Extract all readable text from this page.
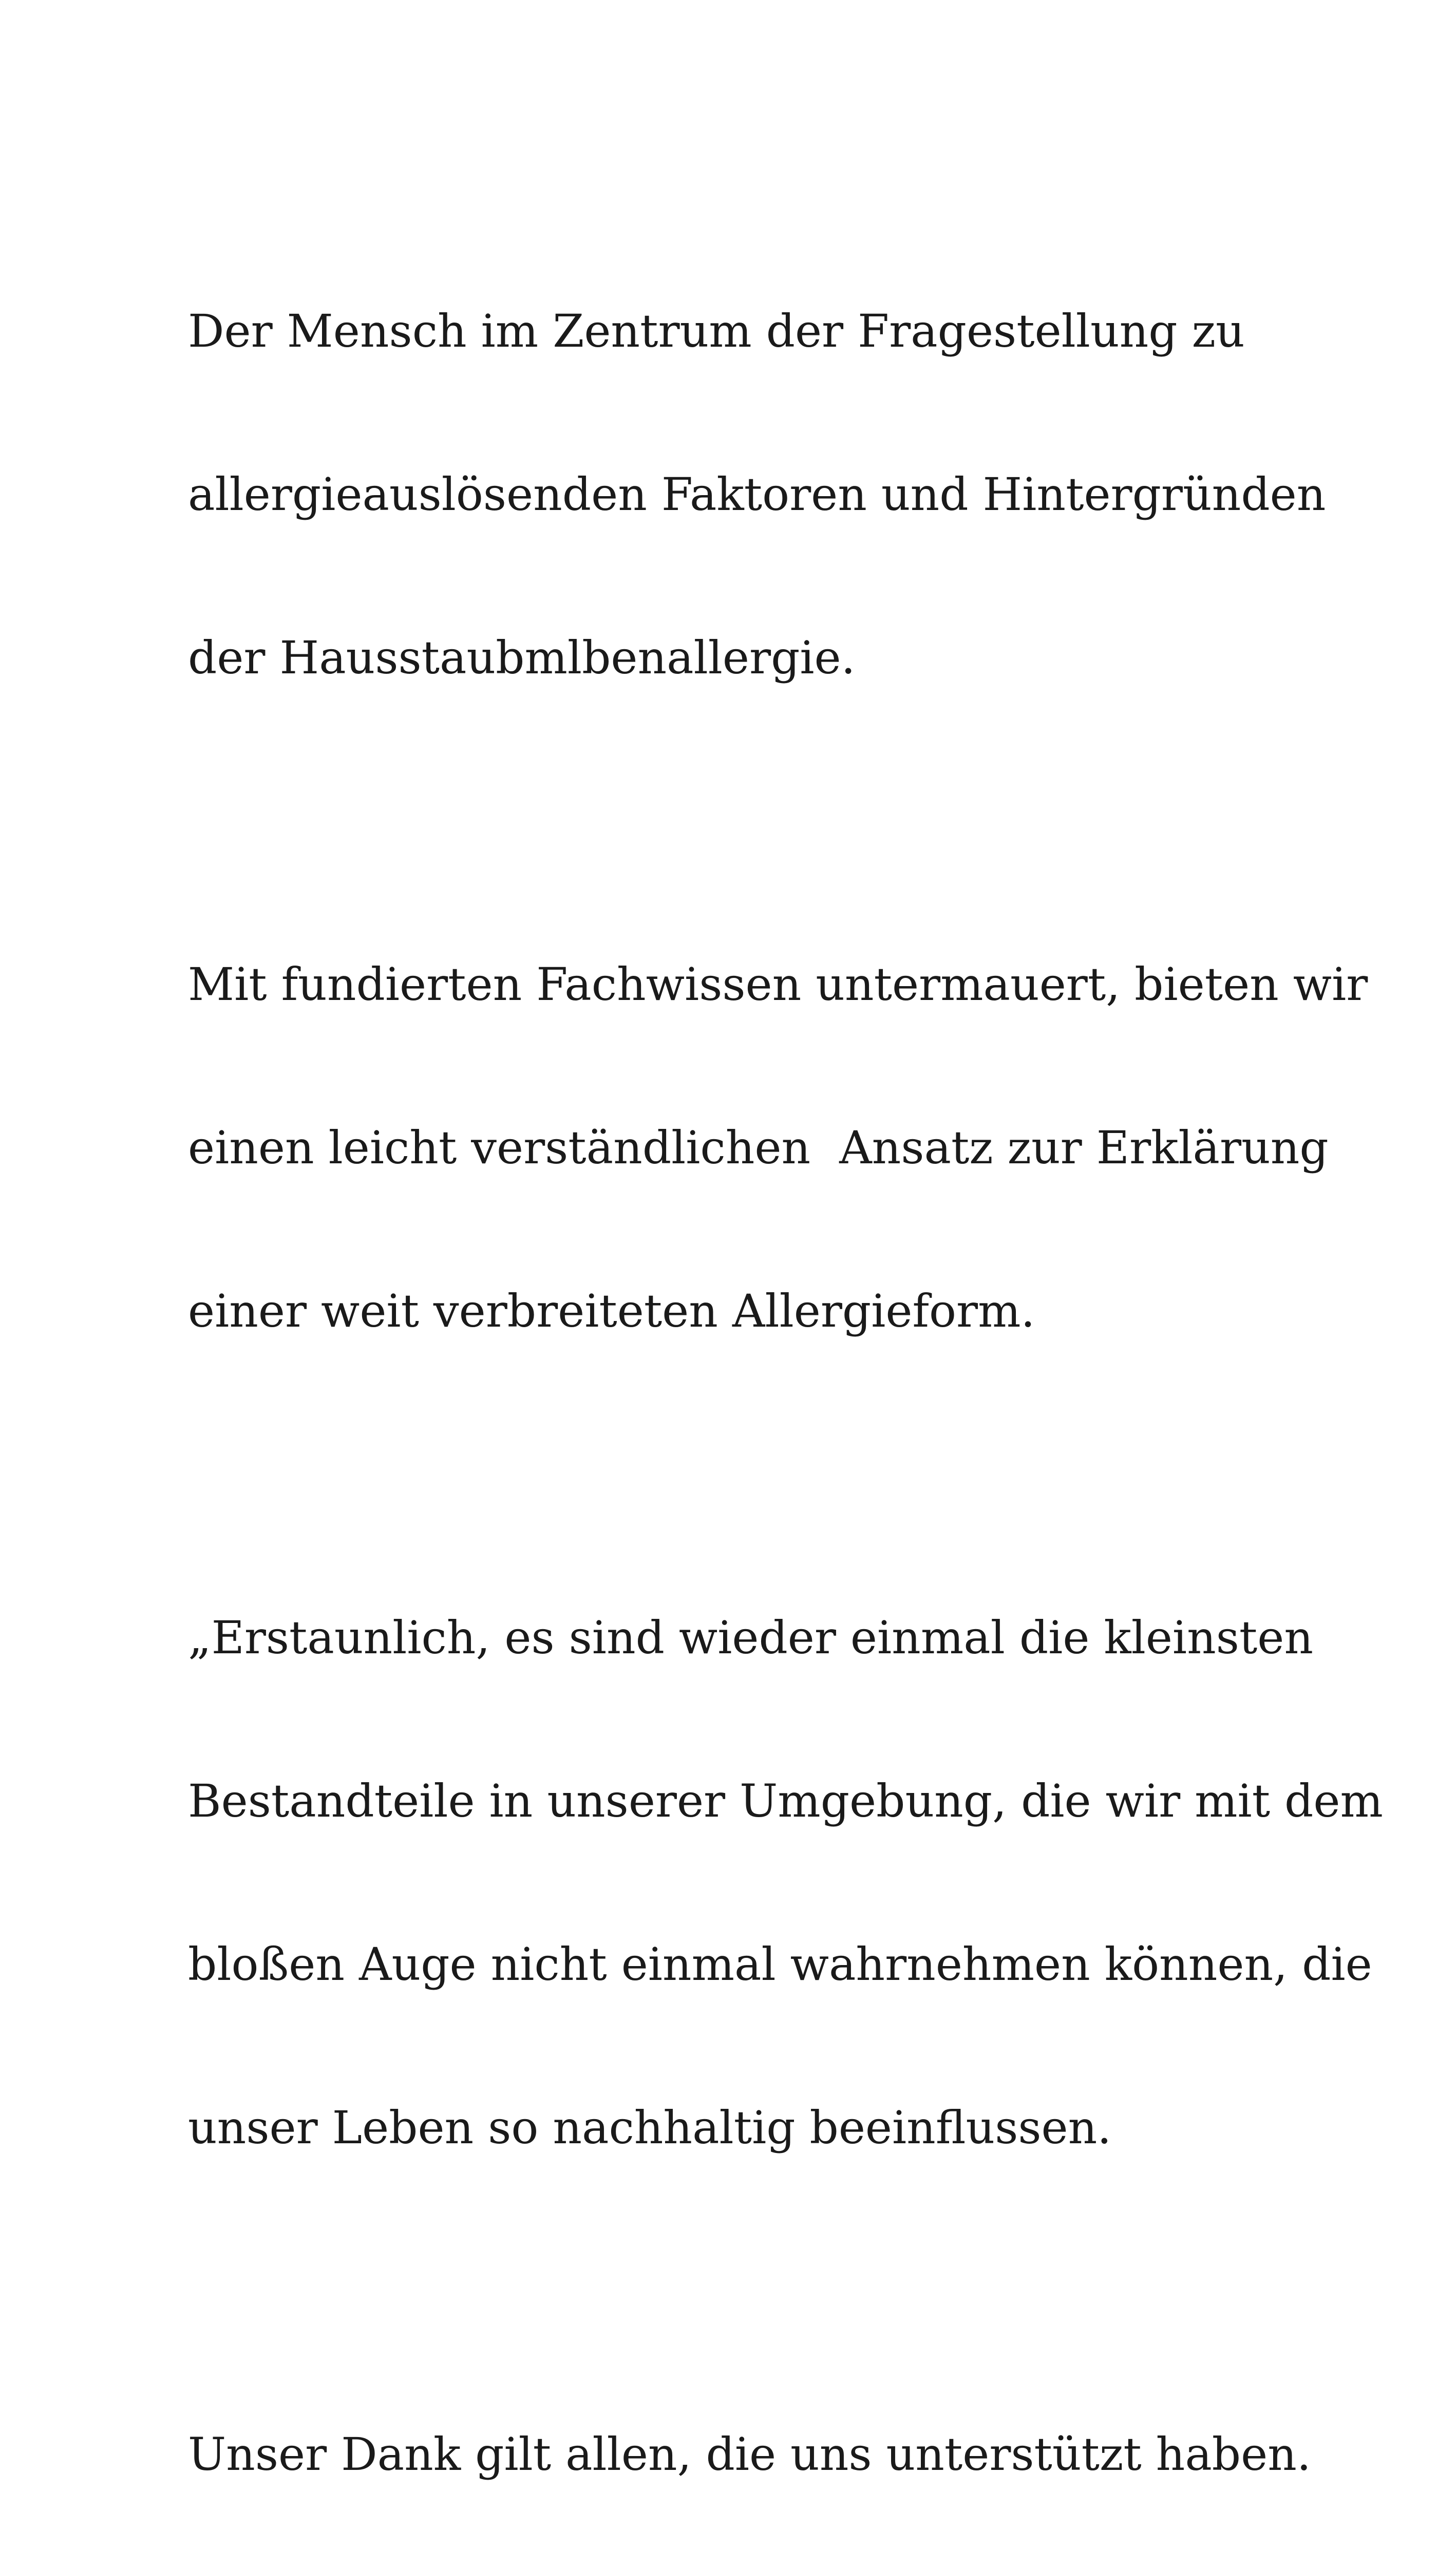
Der Mensch im Zentrum der Fragestellung zu

allergieauslösenden Faktoren und Hintergründen

der Hausstaubmlbenallergie.

Mit fundierten Fachwissen untermauert, bieten wir

einen leicht verständlichen  Ansatz zur Erklärung

einer weit verbreiteten Allergieform.

„Erstaunlich, es sind wieder einmal die kleinsten

Bestandteile in unserer Umgebung, die wir mit dem

bloßen Auge nicht einmal wahrnehmen können, die

unser Leben so nachhaltig beeinflussen.

Unser Dank gilt allen, die uns unterstützt haben.
